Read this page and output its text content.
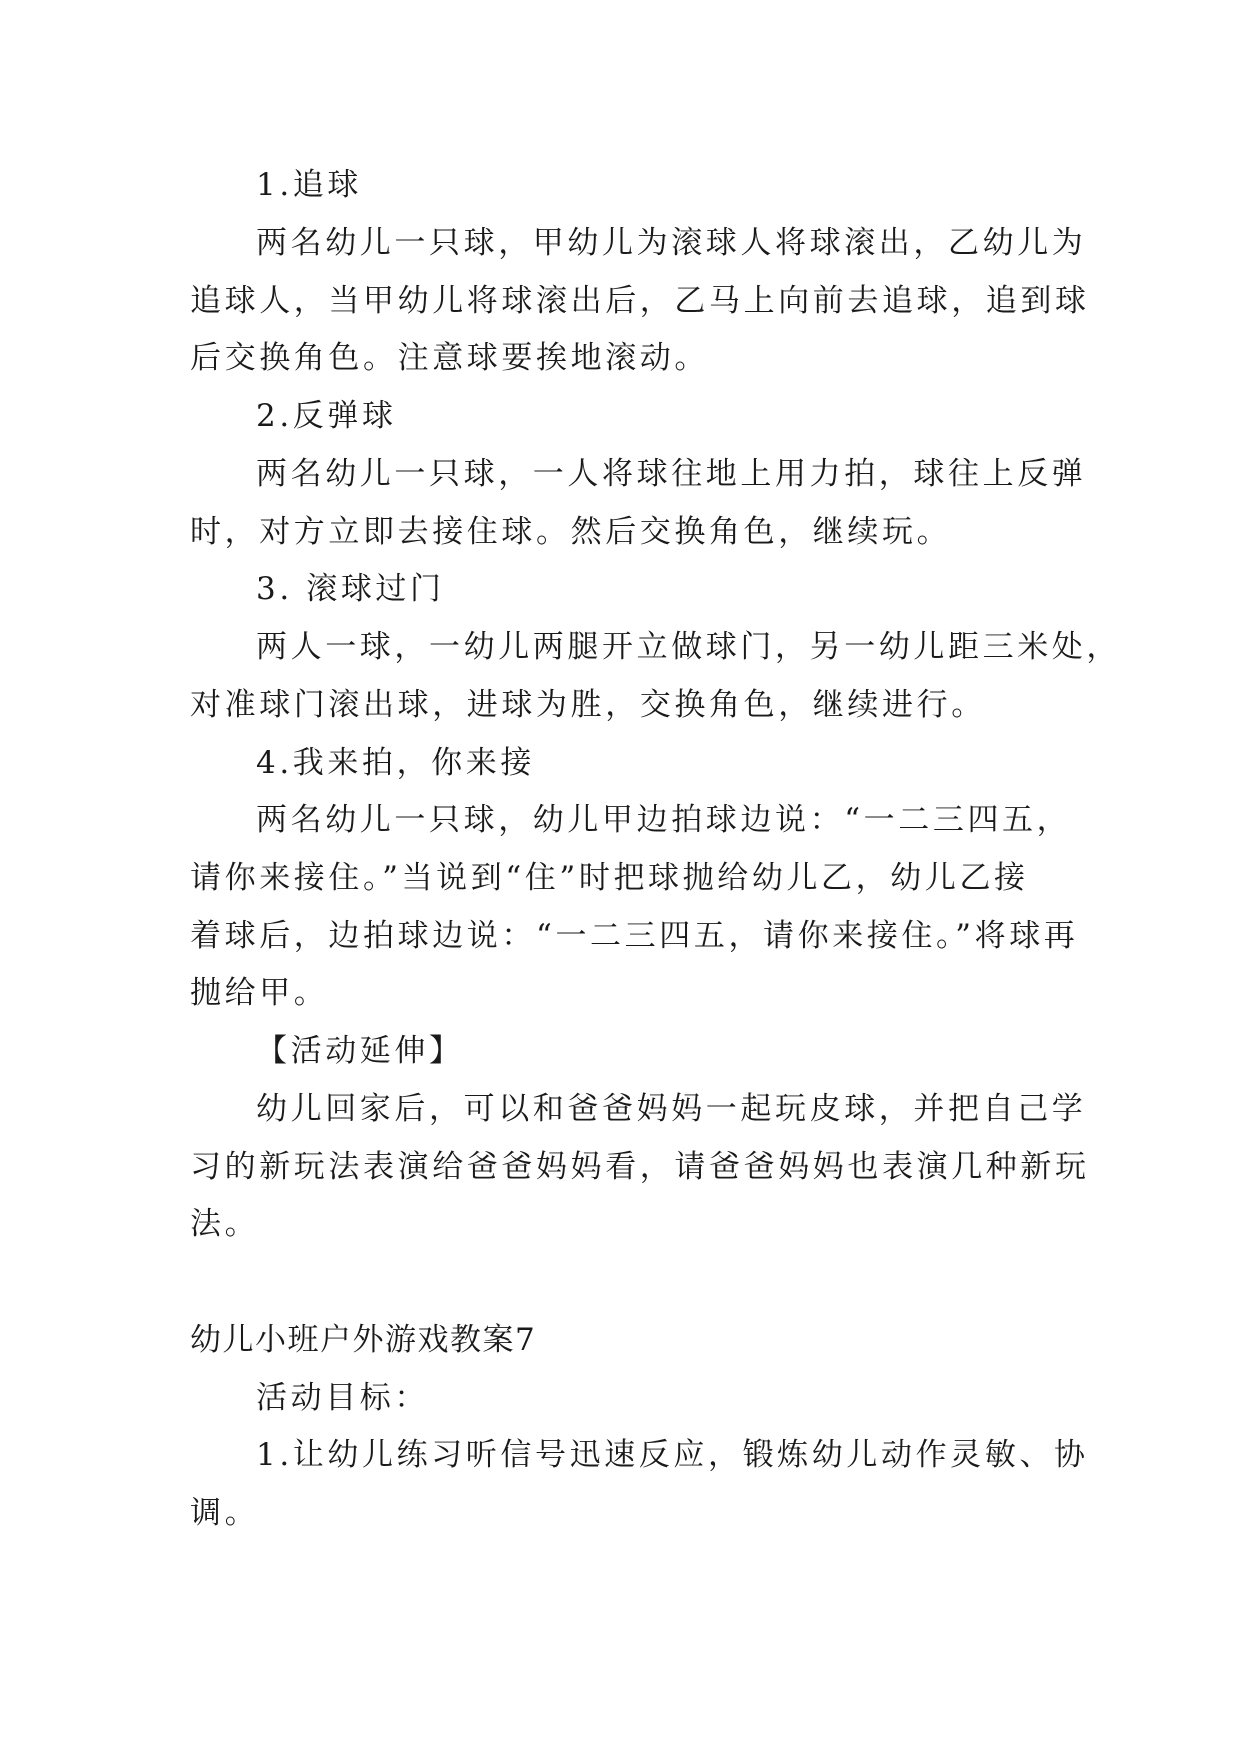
1.追球
两名幼儿一只球，甲幼儿为滚球人将球滚出，乙幼儿为
追球人，当甲幼儿将球滚出后，乙马上向前去追球，追到球
后交换角色。注意球要挨地滚动。
2.反弹球
两名幼儿一只球，一人将球往地上用力拍，球往上反弹
时，对方立即去接住球。然后交换角色，继续玩。
3. 滚球过门
两人一球，一幼儿两腿开立做球门，另一幼儿距三米处，
对准球门滚出球，进球为胜，交换角色，继续进行。
4.我来拍，你来接
两名幼儿一只球，幼儿甲边拍球边说：“一二三四五，
请你来接住。”当说到“住”时把球抛给幼儿乙，幼儿乙接
着球后，边拍球边说：“一二三四五，请你来接住。”将球再
抛给甲。
【活动延伸】
幼儿回家后，可以和爸爸妈妈一起玩皮球，并把自己学
习的新玩法表演给爸爸妈妈看，请爸爸妈妈也表演几种新玩
法。
幼儿小班户外游戏教案7
活动目标：
1.让幼儿练习听信号迅速反应，锻炼幼儿动作灵敏、协
调。
